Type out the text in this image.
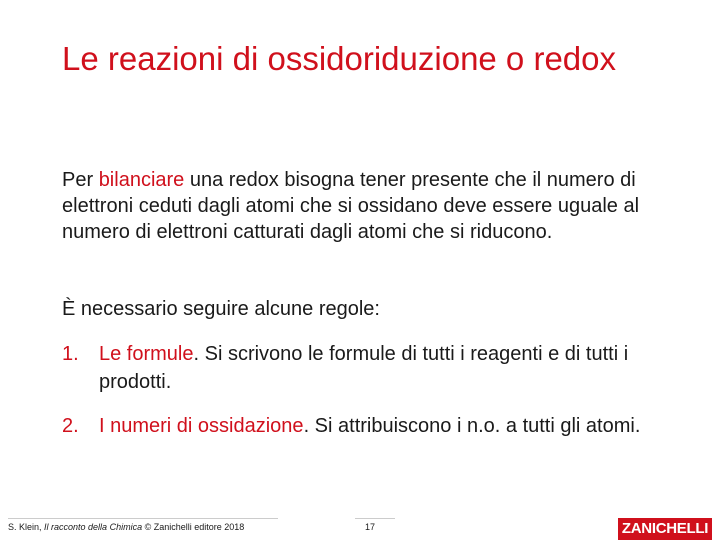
Le reazioni di ossidoriduzione o redox

Per bilanciare una redox bisogna tener presente che il numero di elettroni ceduti dagli atomi che si ossidano deve essere uguale al numero di elettroni catturati dagli atomi che si riducono.

È necessario seguire alcune regole:

1. Le formule. Si scrivono le formule di tutti i reagenti e di tutti i prodotti.
2. I numeri di ossidazione. Si attribuiscono i n.o. a tutti gli atomi.
S. Klein, Il racconto della Chimica © Zanichelli editore 2018	17	ZANICHELLI
